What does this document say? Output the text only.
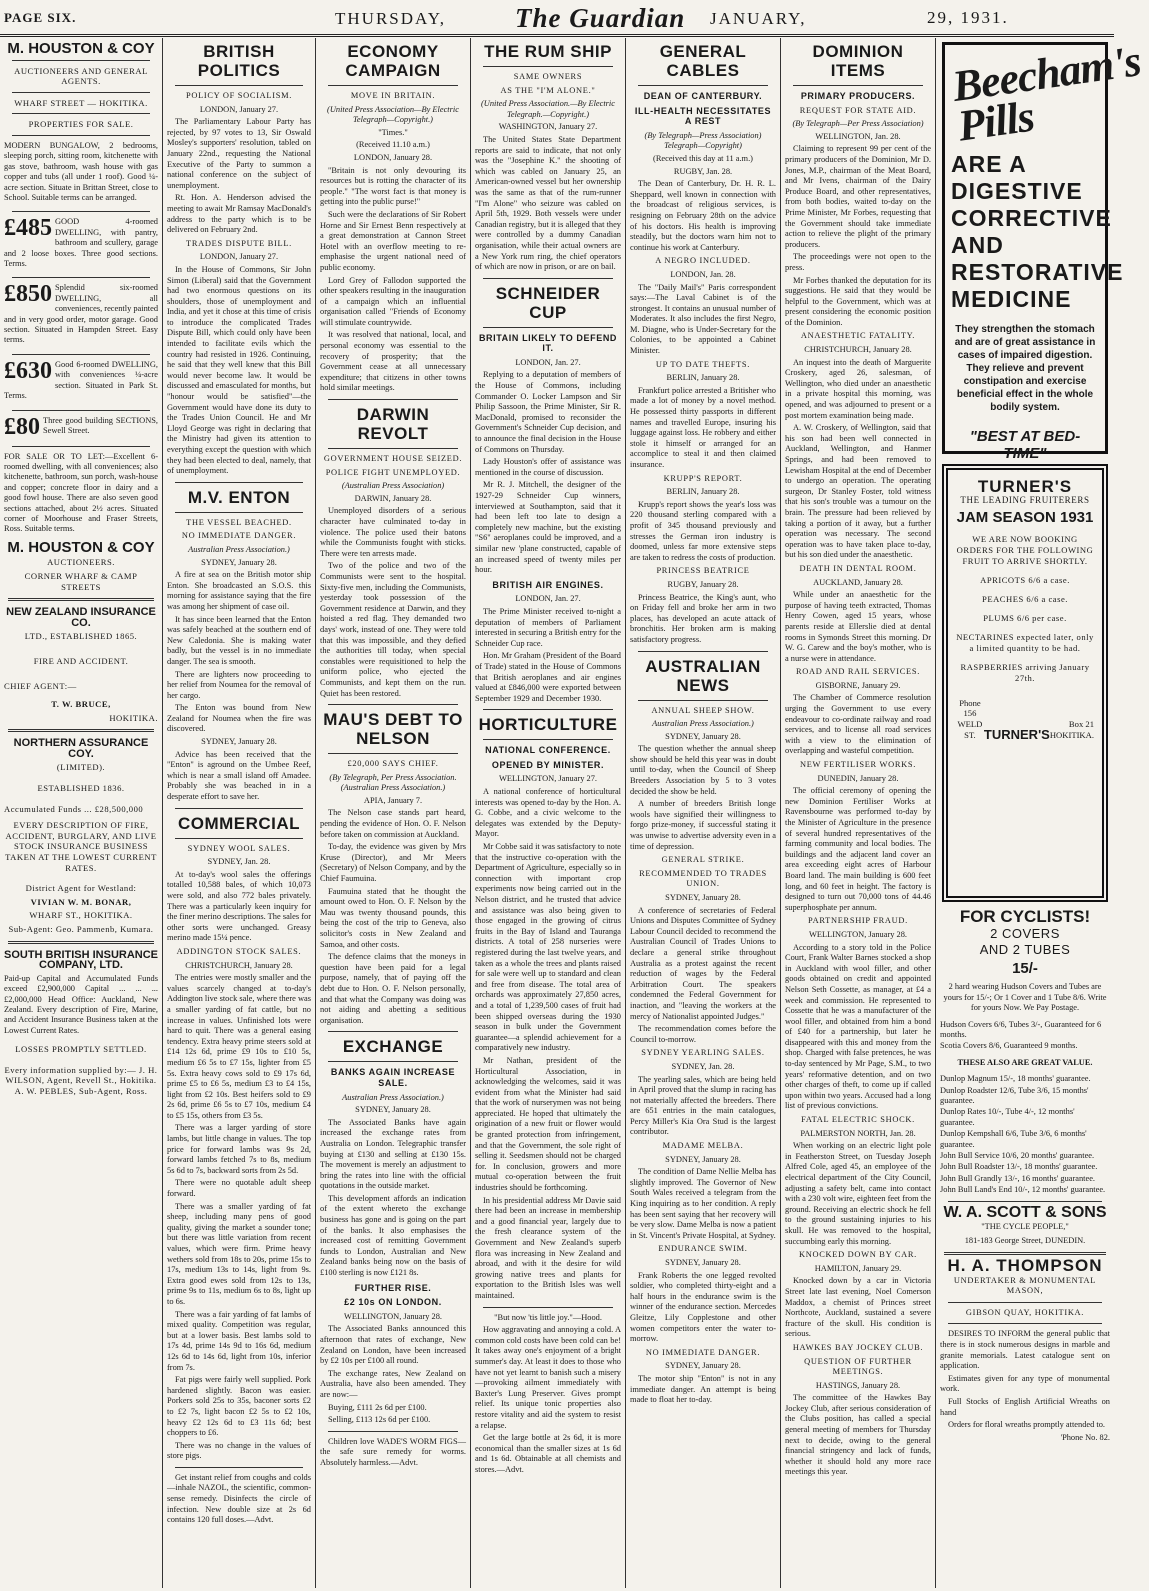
PAGE SIX.	THURSDAY,	The Guardian JANUARY,	29, 1931.
M. HOUSTON & COY
AUCTIONEERS AND GENERAL AGENTS.
WHARF STREET — HOKITIKA.
PROPERTIES FOR SALE.
MODERN BUNGALOW, 2 bedrooms, sleeping porch, sitting room, kitchenette with gas stove, bathroom, wash house with gas copper and tubs (all under 1 roof). Good ¼-acre section. Situate in Brittan Street, close to School. Suitable terms can be arranged.
£485 GOOD 4-roomed DWELLING, with pantry, bathroom and scullery, garage and 2 loose boxes. Three good sections. Terms.
£850 Splendid six-roomed DWELLING, all conveniences, recently painted and in very good order, motor garage. Good section. Situated in Hampden Street. Easy terms.
£630 Good 6-roomed DWELLING, with conveniences ¼-acre section. Situated in Park St. Terms.
£80 Three good building SECTIONS, Sewell Street.
FOR SALE OR TO LET:—Excellent 6-roomed dwelling, with all conveniences; also kitchenette, bathroom, sun porch, wash-house and copper; concrete floor in dairy and a good fowl house. There are also seven good sections attached, about 2½ acres. Situated corner of Moorhouse and Fraser Streets, Ross. Suitable terms.
M. HOUSTON & COY
AUCTIONEERS.
CORNER WHARF & CAMP STREETS
NEW ZEALAND INSURANCE CO.
LTD., ESTABLISHED 1865.
FIRE AND ACCIDENT.
CHIEF AGENT:—
T. W. BRUCE,
HOKITIKA.
NORTHERN ASSURANCE COY.
(LIMITED).
ESTABLISHED 1836.
Accumulated Funds ... £28,500,000
EVERY DESCRIPTION OF FIRE, ACCIDENT, BURGLARY, AND LIVE STOCK INSURANCE BUSINESS TAKEN AT THE LOWEST CURRENT RATES.
District Agent for Westland:
VIVIAN W. M. BONAR,
WHARF ST., HOKITIKA.
Sub-Agent: Geo. Pammenb, Kumara.
SOUTH BRITISH INSURANCE COMPANY, LTD.
Paid-up Capital and Accumulated Funds exceed £2,900,000 Capital ... ... ... £2,000,000 Head Office: Auckland, New Zealand. Every description of Fire, Marine, and Accident Insurance Business taken at the Lowest Current Rates.
LOSSES PROMPTLY SETTLED.
Every information supplied by:— J. H. WILSON, Agent, Revell St., Hokitika. A. W. PEBLES, Sub-Agent, Ross.
BRITISH POLITICS
POLICY OF SOCIALISM.
LONDON, January 27.

The Parliamentary Labour Party has rejected, by 97 votes to 13, Sir Oswald Mosley's supporters' resolution, tabled on January 22nd., requesting the National Executive of the Party to summon a national conference on the subject of unemployment.

Rt. Hon. A. Henderson advised the meeting to await Mr Ramsay MacDonald's address to the party which is to be delivered on February 2nd.

TRADES DISPUTE BILL.
LONDON, January 27.

In the House of Commons, Sir John Simon (Liberal) said that the Government had two enormous questions on its shoulders, those of unemployment and India, and yet it chose at this time of crisis to introduce the complicated Trades Dispute Bill, which could only have been intended to facilitate evils which the country had resisted in 1926. Continuing, he said that they well knew that this Bill would never become law. It would be discussed and emasculated for months, but "honour would be satisfied"—the Government would have done its duty to the Trades Union Council. He and Mr Lloyd George was right in declaring that the Ministry had given its attention to everything except the question with which they had been elected to deal, namely, that of unemployment.

M.V. ENTON
THE VESSEL BEACHED.
NO IMMEDIATE DANGER.
Australian Press Association.)
SYDNEY, January 28.

A fire at sea on the British motor ship Enton. She broadcasted an S.O.S. this morning for assistance saying that the fire was among her shipment of case oil.

It has since been learned that the Enton was safely beached at the southern end of New Caledonia. She is making water badly, but the vessel is in no immediate danger. The sea is smooth.

There are lighters now proceeding to her relief from Noumea for the removal of her cargo.

The Enton was bound from New Zealand for Noumea when the fire was discovered.

SYDNEY, January 28.

Advice has been received that the "Enton" is aground on the Umbee Reef, which is near a small island off Amadee. Probably she was beached in in a desperate effort to save her.

COMMERCIAL
SYDNEY WOOL SALES.
SYDNEY, Jan. 28.

At to-day's wool sales the offerings totalled 10,588 bales, of which 10,073 were sold, and also 772 bales privately. There was a particularly keen inquiry for the finer merino descriptions. The sales for other sorts were unchanged. Greasy merino made 15¼ pence.

ADDINGTON STOCK SALES.
CHRISTCHURCH, January 28.

The entries were mostly smaller and the values scarcely changed at to-day's Addington live stock sale, where there was a smaller yarding of fat cattle, but no increase in values. Unfinished lots were hard to quit. There was a general easing tendency. Extra heavy prime steers sold at £14 12s 6d, prime £9 10s to £10 5s, medium £6 5s to £7 15s, lighter from £5 5s. Extra heavy cows sold to £9 17s 6d, prime £5 to £6 5s, medium £3 to £4 15s, light from £2 10s. Best heifers sold to £9 2s 6d, prime £6 5s to £7 10s, medium £4 to £5 15s, others from £3 5s.

There was a larger yarding of store lambs, but little change in values. The top price for forward lambs was 9s 2d, forward lambs fetched 7s to 8s, medium 5s 6d to 7s, backward sorts from 2s 5d.

There were no quotable adult sheep forward.

There was a smaller yarding of fat sheep, including many pens of good quality, giving the market a sounder tone; but there was little variation from recent values, which were firm. Prime heavy wethers sold from 18s to 20s, prime 15s to 17s, medium 13s to 14s, light from 9s. Extra good ewes sold from 12s to 13s, prime 9s to 11s, medium 6s to 8s, light up to 6s.

There was a fair yarding of fat lambs of mixed quality. Competition was regular, but at a lower basis. Best lambs sold to 17s 4d, prime 14s 9d to 16s 6d, medium 12s 6d to 14s 6d, light from 10s, inferior from 7s.

Fat pigs were fairly well supplied. Pork hardened slightly. Bacon was easier. Porkers sold 25s to 35s, baconer sorts £2 to £2 7s, light bacon £2 5s to £2 10s, heavy £2 12s 6d to £3 11s 6d; best choppers to £6.

There was no change in the values of store pigs.

Get instant relief from coughs and colds—inhale NAZOL, the scientific, common-sense remedy. Disinfects the circle of infection. New double size at 2s 6d contains 120 full doses.—Advt.

ECONOMY CAMPAIGN
MOVE IN BRITAIN.
(United Press Association—By Electric Telegraph—Copyright.)
"Times."
(Received 11.10 a.m.)
LONDON, January 28.

"Britain is not only devouring its resources but is rotting the character of its people." "The worst fact is that money is getting into the public purse!"

Such were the declarations of Sir Robert Horne and Sir Ernest Benn respectively at a great demonstration at Cannon Street Hotel with an overflow meeting to re-emphasise the urgent national need of public economy.

Lord Grey of Fallodon supported the other speakers resulting in the inauguration of a campaign which an influential organisation called "Friends of Economy will stimulate countrywide.

It was resolved that national, local, and personal economy was essential to the recovery of prosperity; that the Government cease at all unnecessary expenditure; that citizens in other towns hold similar meetings.

DARWIN REVOLT
GOVERNMENT HOUSE SEIZED.
POLICE FIGHT UNEMPLOYED.
(Australian Press Association)
DARWIN, January 28.

Unemployed disorders of a serious character have culminated to-day in violence. The police used their batons while the Communists fought with sticks. There were ten arrests made.

Two of the police and two of the Communists were sent to the hospital. Sixty-five men, including the Communists, yesterday took possession of the Government residence at Darwin, and they hoisted a red flag. They demanded two days' work, instead of one. They were told that this was impossible, and they defied the authorities till today, when special constables were requisitioned to help the uniform police, who ejected the Communists, and kept them on the run. Quiet has been restored.

MAU'S DEBT TO NELSON
£20,000 SAYS CHIEF.
(By Telegraph, Per Press Association. (Australian Press Association.)
APIA, January 7.

The Nelson case stands part heard, pending the evidence of Hon. O. F. Nelson before taken on commission at Auckland.

To-day, the evidence was given by Mrs Kruse (Director), and Mr Meers (Secretary) of Nelson Company, and by the Chief Faumuina.

Faumuina stated that he thought the amount owed to Hon. O. F. Nelson by the Mau was twenty thousand pounds, this being the cost of the trip to Geneva, also solicitor's costs in New Zealand and Samoa, and other costs.

The defence claims that the moneys in question have been paid for a legal purpose, namely, that of paying off the debt due to Hon. O. F. Nelson personally, and that what the Company was doing was not aiding and abetting a seditious organisation.

EXCHANGE
BANKS AGAIN INCREASE SALE.
Australian Press Association.)
SYDNEY, January 28.

The Associated Banks have again increased the exchange rates from Australia on London. Telegraphic transfer buying at £130 and selling at £130 15s. The movement is merely an adjustment to bring the rates into line with the official quotations in the outside market.

This development affords an indication of the extent whereto the exchange business has gone and is going on the part of the banks. It also emphasises the increased cost of remitting Government funds to London, Australian and New Zealand banks being now on the basis of £100 sterling is now £121 8s.

FURTHER RISE.
£2 10s ON LONDON.
WELLINGTON, January 28.

The Associated Banks announced this afternoon that rates of exchange, New Zealand on London, have been increased by £2 10s per £100 all round.

The exchange rates, New Zealand on Australia, have also been amended. They are now:—

Buying, £111 2s 6d per £100.

Selling, £113 12s 6d per £100.

Children love WADE'S WORM FIGS—the safe sure remedy for worms. Absolutely harmless.—Advt.

THE RUM SHIP
SAME OWNERS
AS THE "I'M ALONE."
(United Press Association.—By Electric Telegraph.—Copyright.)
WASHINGTON, January 27.

The United States State Department reports are said to indicate, that not only was the "Josephine K." the shooting of which was cabled on January 25, an American-owned vessel but her ownership was the same as that of the rum-runner "I'm Alone" who seizure was cabled on April 5th, 1929. Both vessels were under Canadian registry, but it is alleged that they were controlled by a dummy Canadian organisation, while their actual owners are a New York rum ring, the chief operators of which are now in prison, or are on bail.

SCHNEIDER CUP
BRITAIN LIKELY TO DEFEND IT.
LONDON, Jan. 27.

Replying to a deputation of members of the House of Commons, including Commander O. Locker Lampson and Sir Philip Sassoon, the Prime Minister, Sir R. MacDonald, promised to reconsider the Government's Schneider Cup decision, and to announce the final decision in the House of Commons on Thursday.

Lady Houston's offer of assistance was mentioned in the course of discussion.

Mr R. J. Mitchell, the designer of the 1927-29 Schneider Cup winners, interviewed at Southampton, said that it had been left too late to design a completely new machine, but the existing "S6" aeroplanes could be improved, and a similar new 'plane constructed, capable of an increased speed of twenty miles per hour.

BRITISH AIR ENGINES.
LONDON, Jan. 27.

The Prime Minister received to-night a deputation of members of Parliament interested in securing a British entry for the Schneider Cup race.

Hon. Mr Graham (President of the Board of Trade) stated in the House of Commons that British aeroplanes and air engines valued at £846,000 were exported between September 1929 and December 1930.

HORTICULTURE
NATIONAL CONFERENCE.
OPENED BY MINISTER.
WELLINGTON, January 27.

A national conference of horticultural interests was opened to-day by the Hon. A. G. Cobbe, and a civic welcome to the delegates was extended by the Deputy-Mayor.

Mr Cobbe said it was satisfactory to note that the instructive co-operation with the Department of Agriculture, especially so in connection with important crop experiments now being carried out in the Nelson district, and he trusted that advice and assistance was also being given to those engaged in the growing of citrus fruits in the Bay of Island and Tauranga districts. A total of 258 nurseries were registered during the last twelve years, and taken as a whole the trees and plants raised for sale were well up to standard and clean and free from disease. The total area of orchards was approximately 27,850 acres, and a total of 1,239,500 cases of fruit had been shipped overseas during the 1930 season in bulk under the Government guarantee—a splendid achievement for a comparatively new industry.

Mr Nathan, president of the Horticultural Association, in acknowledging the welcomes, said it was evident from what the Minister had said that the work of nurserymen was not being appreciated. He hoped that ultimately the origination of a new fruit or flower would be granted protection from infringement, and that the Government, the sole right of selling it. Seedsmen should not be charged for. In conclusion, growers and more mutual co-operation between the fruit industries should be forthcoming.

In his presidential address Mr Davie said there had been an increase in membership and a good financial year, largely due to the fresh clearance system of the Government and New Zealand's superb flora was increasing in New Zealand and abroad, and with it the desire for wild growing native trees and plants for exportation to the British Isles was well maintained.

"But now 'tis little joy."—Hood.

How aggravating and annoying a cold. A common cold costs have been cold can be! It takes away one's enjoyment of a bright summer's day. At least it does to those who have not yet learnt to banish such a misery—provoking ailment immediately with Baxter's Lung Preserver. Gives prompt relief. Its unique tonic properties also restore vitality and aid the system to resist a relapse.

Get the large bottle at 2s 6d, it is more economical than the smaller sizes at 1s 6d and 1s 6d. Obtainable at all chemists and stores.—Advt.

GENERAL CABLES
DEAN OF CANTERBURY.
ILL-HEALTH NECESSITATES A REST
(By Telegraph—Press Association) Telegraph—Copyright)
(Received this day at 11 a.m.)
RUGBY, Jan. 28.

The Dean of Canterbury, Dr. H. R. L. Sheppard, well known in connection with the broadcast of religious services, is resigning on February 28th on the advice of his doctors. His health is improving steadily, but the doctors warn him not to continue his work at Canterbury.

A NEGRO INCLUDED.
LONDON, Jan. 28.

The "Daily Mail's" Paris correspondent says:—The Laval Cabinet is of the strongest. It contains an unusual number of Moderates. It also includes the first Negro, M. Diagne, who is Under-Secretary for the Colonies, to be appointed a Cabinet Minister.

UP TO DATE THEFTS.
BERLIN, January 28.

Frankfurt police arrested a Britisher who made a lot of money by a novel method. He possessed thirty passports in different names and travelled Europe, insuring his luggage against loss. He robbery and either stole it himself or arranged for an accomplice to steal it and then claimed insurance.

KRUPP'S REPORT.
BERLIN, January 28.

Krupp's report shows the year's loss was 220 thousand sterling compared with a profit of 345 thousand previously and stresses the German iron industry is doomed, unless far more extensive steps are taken to redress the costs of production.

PRINCESS BEATRICE
RUGBY, January 28.

Princess Beatrice, the King's aunt, who on Friday fell and broke her arm in two places, has developed an acute attack of bronchitis. Her broken arm is making satisfactory progress.

AUSTRALIAN NEWS
ANNUAL SHEEP SHOW.
Australian Press Association.)
SYDNEY, January 28.

The question whether the annual sheep show should be held this year was in doubt until to-day, when the Council of Sheep Breeders Association by 5 to 3 votes decided the show be held.

A number of breeders British longe wools have signified their willingness to forgo prize-money, if successful stating it was unwise to advertise adversity even in a time of depression.

GENERAL STRIKE.
RECOMMENDED TO TRADES UNION.
SYDNEY, January 28.

A conference of secretaries of Federal Unions and Disputes Committee of Sydney Labour Council decided to recommend the Australian Council of Trades Unions to declare a general strike throughout Australia as a protest against the recent reduction of wages by the Federal Arbitration Court. The speakers condemned the Federal Government for inaction, and "leaving the workers at the mercy of Nationalist appointed Judges."

The recommendation comes before the Council to-morrow.

SYDNEY YEARLING SALES.
SYDNEY, Jan. 28.

The yearling sales, which are being held in April proved that the slump in racing has not materially affected the breeders. There are 651 entries in the main catalogues, Percy Miller's Kia Ora Stud is the largest contributor.

MADAME MELBA.
SYDNEY, January 28.

The condition of Dame Nellie Melba has slightly improved. The Governor of New South Wales received a telegram from the King inquiring as to her condition. A reply has been sent saying that her recovery will be very slow. Dame Melba is now a patient in St. Vincent's Private Hospital, at Sydney.

ENDURANCE SWIM.
SYDNEY, January 28.

Frank Roberts the one legged revolted soldier, who completed thirty-eight and a half hours in the endurance swim is the winner of the endurance section. Mercedes Gleitze, Lily Copplestone and other women competitors enter the water to-morrow.

NO IMMEDIATE DANGER.
SYDNEY, January 28.

The motor ship "Enton" is not in any immediate danger. An attempt is being made to float her to-day.

DOMINION ITEMS
PRIMARY PRODUCERS.
REQUEST FOR STATE AID.
(By Telegraph—Per Press Association)
WELLINGTON, Jan. 28.

Claiming to represent 99 per cent of the primary producers of the Dominion, Mr D. Jones, M.P., chairman of the Meat Board, and Mr Ivens, chairman of the Dairy Produce Board, and other representatives, from both bodies, waited to-day on the Prime Minister, Mr Forbes, requesting that the Government should take immediate action to relieve the plight of the primary producers.

The proceedings were not open to the press.

Mr Forbes thanked the deputation for its suggestions. He said that they would be helpful to the Government, which was at present considering the economic position of the Dominion.

ANAESTHETIC FATALITY.
CHRISTCHURCH, January 28.

An inquest into the death of Marguerite Croskery, aged 26, salesman, of Wellington, who died under an anaesthetic in a private hospital this morning, was opened, and was adjourned to present or a post mortem examination being made.

A. W. Croskery, of Wellington, said that his son had been well connected in Auckland, Wellington, and Hanmer Springs, and had been removed to Lewisham Hospital at the end of December to undergo an operation. The operating surgeon, Dr Stanley Foster, told witness that his son's trouble was a tumour on the brain. The pressure had been relieved by taking a portion of it away, but a further operation was necessary. The second operation was to have taken place to-day, but his son died under the anaesthetic.

DEATH IN DENTAL ROOM.
AUCKLAND, January 28.

While under an anaesthetic for the purpose of having teeth extracted, Thomas Henry Cowen, aged 15 years, whose parents reside at Ellerslie died at dental rooms in Symonds Street this morning. Dr W. G. Carew and the boy's mother, who is a nurse were in attendance.

ROAD AND RAIL SERVICES.
GISBORNE, January 29.

The Chamber of Commerce resolution urging the Government to use every endeavour to co-ordinate railway and road services, and to license all road services with a view to the elimination of overlapping and wasteful competition.

NEW FERTILISER WORKS.
DUNEDIN, January 28.

The official ceremony of opening the new Dominion Fertiliser Works at Ravensbourne was performed to-day by the Minister of Agriculture in the presence of several hundred representatives of the farming community and local bodies. The buildings and the adjacent land cover an area exceeding eight acres of Harbour Board land. The main building is 600 feet long, and 60 feet in height. The factory is designed to turn out 70,000 tons of 44.46 superphosphate per annum.

PARTNERSHIP FRAUD.
WELLINGTON, January 28.

According to a story told in the Police Court, Frank Walter Barnes stocked a shop in Auckland with wool filler, and other goods obtained on credit and appointed Nelson Seth Cossette, as manager, at £4 a week and commission. He represented to Cossette that he was a manufacturer of the wool filler, and obtained from him a bond of £40 for a partnership, but later he disappeared with this and money from the shop. Charged with false pretences, he was to-day sentenced by Mr Page, S.M., to two years' reformative detention, and on two other charges of theft, to come up if called upon within two years. Accused had a long list of previous convictions.

FATAL ELECTRIC SHOCK.
PALMERSTON NORTH, Jan. 28.

When working on an electric light pole in Featherston Street, on Tuesday Joseph Alfred Cole, aged 45, an employee of the electrical department of the City Council, adjusting a safety belt, came into contact with a 230 volt wire, eighteen feet from the ground. Receiving an electric shock he fell to the ground sustaining injuries to his skull. He was removed to the hospital, succumbing early this morning.

KNOCKED DOWN BY CAR.
HAMILTON, January 29.

Knocked down by a car in Victoria Street late last evening, Noel Comerson Maddox, a chemist of Princes street Northcote, Auckland, sustained a severe fracture of the skull. His condition is serious.

HAWKES BAY JOCKEY CLUB.
QUESTION OF FURTHER MEETINGS.
HASTINGS, January 28.

The committee of the Hawkes Bay Jockey Club, after serious consideration of the Clubs position, has called a special general meeting of members for Thursday next to decide, owing to the general financial stringency and lack of funds, whether it should hold any more race meetings this year.

Beecham's Pills
ARE A DIGESTIVE CORRECTIVE AND RESTORATIVE MEDICINE
They strengthen the stomach and are of great assistance in cases of impaired digestion. They relieve and prevent constipation and exercise beneficial effect in the whole bodily system.
"BEST AT BED-TIME"
TURNER'S
THE LEADING FRUITERERS
JAM SEASON 1931
WE ARE NOW BOOKING ORDERS FOR THE FOLLOWING FRUIT TO ARRIVE SHORTLY.
APRICOTS 6/6 a case.
PEACHES 6/6 a case.
PLUMS 6/6 per case.
NECTARINES expected later, only a limited quantity to be had.
RASPBERRIES arriving January 27th.
Phone 156
WELD ST. TURNER'S
Box 21
HOKITIKA.
FOR CYCLISTS!
2 COVERS
AND 2 TUBES
15/-
2 hard wearing Hudson Covers and Tubes are yours for 15/-; Or 1 Cover and 1 Tube 8/6. Write for yours Now. We Pay Postage.
Hudson Covers 6/6, Tubes 3/-, Guaranteed for 6 months.
Scotia Covers 8/6, Guaranteed 9 months.
THESE ALSO ARE GREAT VALUE.
Dunlop Magnum 15/-, 18 months' guarantee.
Dunlop Roadster 12/6, Tube 3/6, 15 months' guarantee.
Dunlop Rates 10/-, Tube 4/-, 12 months' guarantee.
Dunlop Kempshall 6/6, Tube 3/6, 6 months' guarantee.
John Bull Service 10/6, 20 months' guarantee.
John Bull Roadster 13/-, 18 months' guarantee.
John Bull Grandly 13/-, 16 months' guarantee.
John Bull Land's End 10/-, 12 months' guarantee.
W. A. SCOTT & SONS
"THE CYCLE PEOPLE,"
181-183 George Street, DUNEDIN.
H. A. THOMPSON
UNDERTAKER & MONUMENTAL MASON,
GIBSON QUAY, HOKITIKA.

DESIRES TO INFORM the general public that there is in stock numerous designs in marble and granite memorials. Latest catalogue sent on application.

Estimates given for any type of monumental work.

Full Stocks of English Artificial Wreaths on hand

Orders for floral wreaths promptly attended to.

'Phone No. 82.
